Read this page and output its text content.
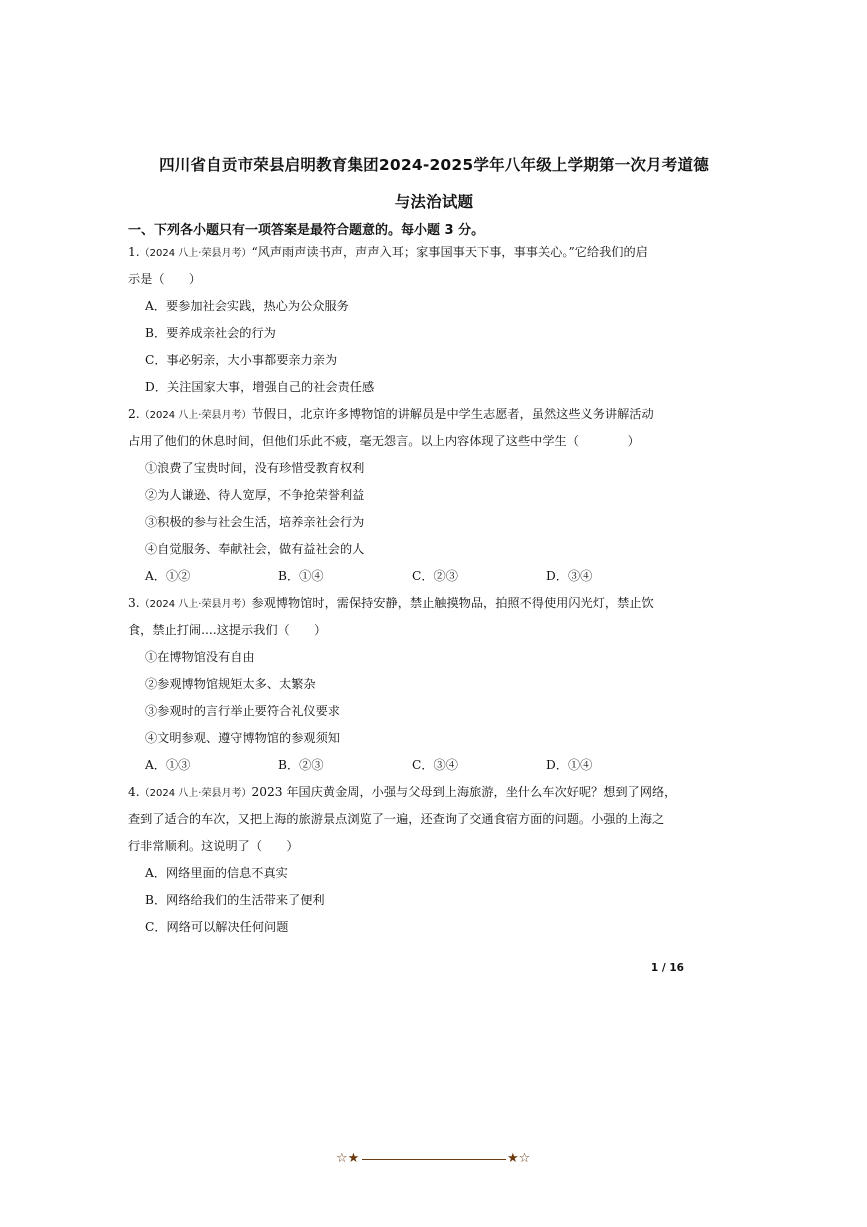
四川省自贡市荣县启明教育集团2024-2025学年八年级上学期第一次月考道德
与法治试题
一、下列各小题只有一项答案是最符合题意的。每小题 3 分。
1.（2024 八上·荣县月考）“风声雨声读书声，声声入耳；家事国事天下事，事事关心。”它给我们的启
示是（　　）
A．要参加社会实践，热心为公众服务
B．要养成亲社会的行为
C．事必躬亲，大小事都要亲力亲为
D．关注国家大事，增强自己的社会责任感
2.（2024 八上·荣县月考）节假日，北京许多博物馆的讲解员是中学生志愿者，虽然这些义务讲解活动
占用了他们的休息时间，但他们乐此不疲，毫无怨言。以上内容体现了这些中学生（　　　　）
①浪费了宝贵时间，没有珍惜受教育权利
②为人谦逊、待人宽厚，不争抢荣誉利益
③积极的参与社会生活，培养亲社会行为
④自觉服务、奉献社会，做有益社会的人
A．①②	B．①④	C．②③	D．③④
3.（2024 八上·荣县月考）参观博物馆时，需保持安静，禁止触摸物品，拍照不得使用闪光灯，禁止饮
食，禁止打闹....这提示我们（　　）
①在博物馆没有自由
②参观博物馆规矩太多、太繁杂
③参观时的言行举止要符合礼仪要求
④文明参观、遵守博物馆的参观须知
A．①③	B．②③	C．③④	D．①④
4.（2024 八上·荣县月考）2023 年国庆黄金周，小强与父母到上海旅游，坐什么车次好呢？想到了网络，
查到了适合的车次，又把上海的旅游景点浏览了一遍，还查询了交通食宿方面的问题。小强的上海之
行非常顺利。这说明了（　　）
A．网络里面的信息不真实
B．网络给我们的生活带来了便利
C．网络可以解决任何问题
1 / 16
☆★	★☆
